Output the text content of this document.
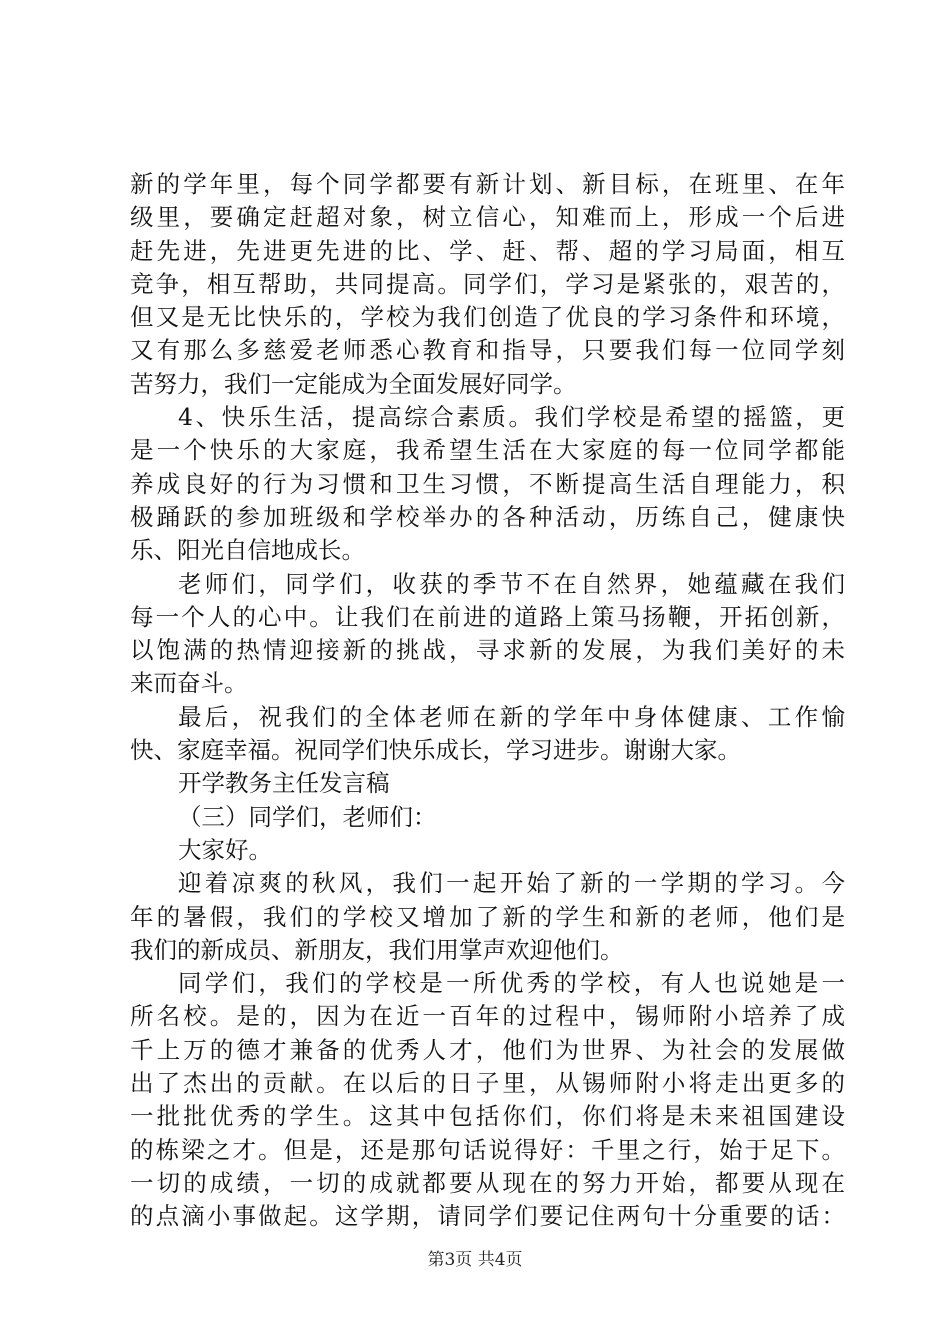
新的学年里，每个同学都要有新计划、新目标，在班里、在年
级里，要确定赶超对象，树立信心，知难而上，形成一个后进
赶先进，先进更先进的比、学、赶、帮、超的学习局面，相互
竞争，相互帮助，共同提高。同学们，学习是紧张的，艰苦的，
但又是无比快乐的，学校为我们创造了优良的学习条件和环境，
又有那么多慈爱老师悉心教育和指导，只要我们每一位同学刻
苦努力，我们一定能成为全面发展好同学。
4、快乐生活，提高综合素质。我们学校是希望的摇篮，更
是一个快乐的大家庭，我希望生活在大家庭的每一位同学都能
养成良好的行为习惯和卫生习惯，不断提高生活自理能力，积
极踊跃的参加班级和学校举办的各种活动，历练自己，健康快
乐、阳光自信地成长。
老师们，同学们，收获的季节不在自然界，她蕴藏在我们
每一个人的心中。让我们在前进的道路上策马扬鞭，开拓创新，
以饱满的热情迎接新的挑战，寻求新的发展，为我们美好的未
来而奋斗。
最后，祝我们的全体老师在新的学年中身体健康、工作愉
快、家庭幸福。祝同学们快乐成长，学习进步。谢谢大家。
开学教务主任发言稿
（三）同学们，老师们：
大家好。
迎着凉爽的秋风，我们一起开始了新的一学期的学习。今
年的暑假，我们的学校又增加了新的学生和新的老师，他们是
我们的新成员、新朋友，我们用掌声欢迎他们。
同学们，我们的学校是一所优秀的学校，有人也说她是一
所名校。是的，因为在近一百年的过程中，锡师附小培养了成
千上万的德才兼备的优秀人才，他们为世界、为社会的发展做
出了杰出的贡献。在以后的日子里，从锡师附小将走出更多的
一批批优秀的学生。这其中包括你们，你们将是未来祖国建设
的栋梁之才。但是，还是那句话说得好：千里之行，始于足下。
一切的成绩，一切的成就都要从现在的努力开始，都要从现在
的点滴小事做起。这学期，请同学们要记住两句十分重要的话：
第3页 共4页
